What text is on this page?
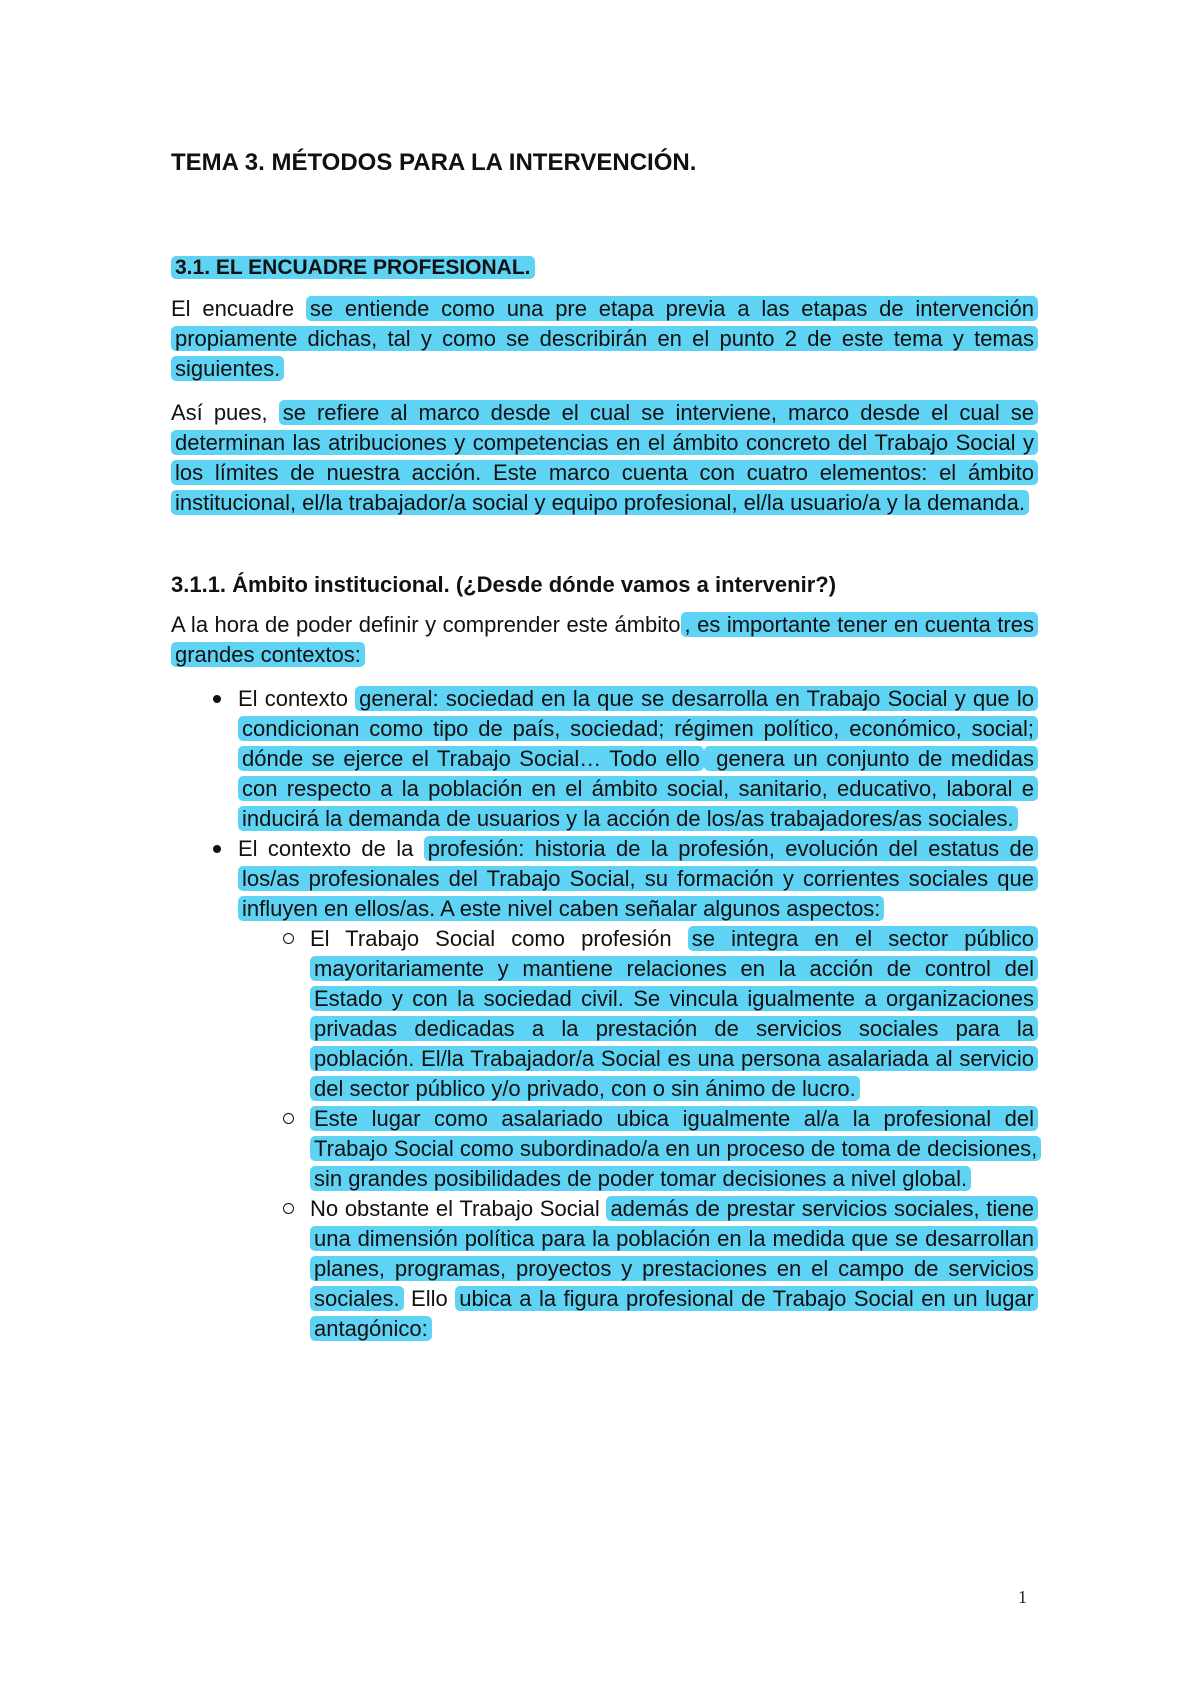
TEMA 3. MÉTODOS PARA LA INTERVENCIÓN.
3.1. EL ENCUADRE PROFESIONAL.

El encuadre se entiende como una pre etapa previa a las etapas de intervención propiamente dichas, tal y como se describirán en el punto 2 de este tema y temas siguientes.

Así pues, se refiere al marco desde el cual se interviene, marco desde el cual se determinan las atribuciones y competencias en el ámbito concreto del Trabajo Social y los límites de nuestra acción. Este marco cuenta con cuatro elementos: el ámbito institucional, el/la trabajador/a social y equipo profesional, el/la usuario/a y la demanda.

3.1.1. Ámbito institucional. (¿Desde dónde vamos a intervenir?)

A la hora de poder definir y comprender este ámbito , es importante tener en cuenta tres grandes contextos:

El contexto general: sociedad en la que se desarrolla en Trabajo Social y que lo condicionan como tipo de país, sociedad; régimen político, económico, social; dónde se ejerce el Trabajo Social… Todo ello genera un conjunto de medidas con respecto a la población en el ámbito social, sanitario, educativo, laboral e inducirá la demanda de usuarios y la acción de los/as trabajadores/as sociales.

El contexto de la profesión: historia de la profesión, evolución del estatus de los/as profesionales del Trabajo Social, su formación y corrientes sociales que influyen en ellos/as. A este nivel caben señalar algunos aspectos:

El Trabajo Social como profesión se integra en el sector público mayoritariamente y mantiene relaciones en la acción de control del Estado y con la sociedad civil. Se vincula igualmente a organizaciones privadas dedicadas a la prestación de servicios sociales para la población. El/la Trabajador/a Social es una persona asalariada al servicio del sector público y/o privado, con o sin ánimo de lucro.

Este lugar como asalariado ubica igualmente al/a la profesional del Trabajo Social como subordinado/a en un proceso de toma de decisiones, sin grandes posibilidades de poder tomar decisiones a nivel global.

No obstante el Trabajo Social además de prestar servicios sociales, tiene una dimensión política para la población en la medida que se desarrollan planes, programas, proyectos y prestaciones en el campo de servicios sociales. Ello ubica a la figura profesional de Trabajo Social en un lugar antagónico:

1
